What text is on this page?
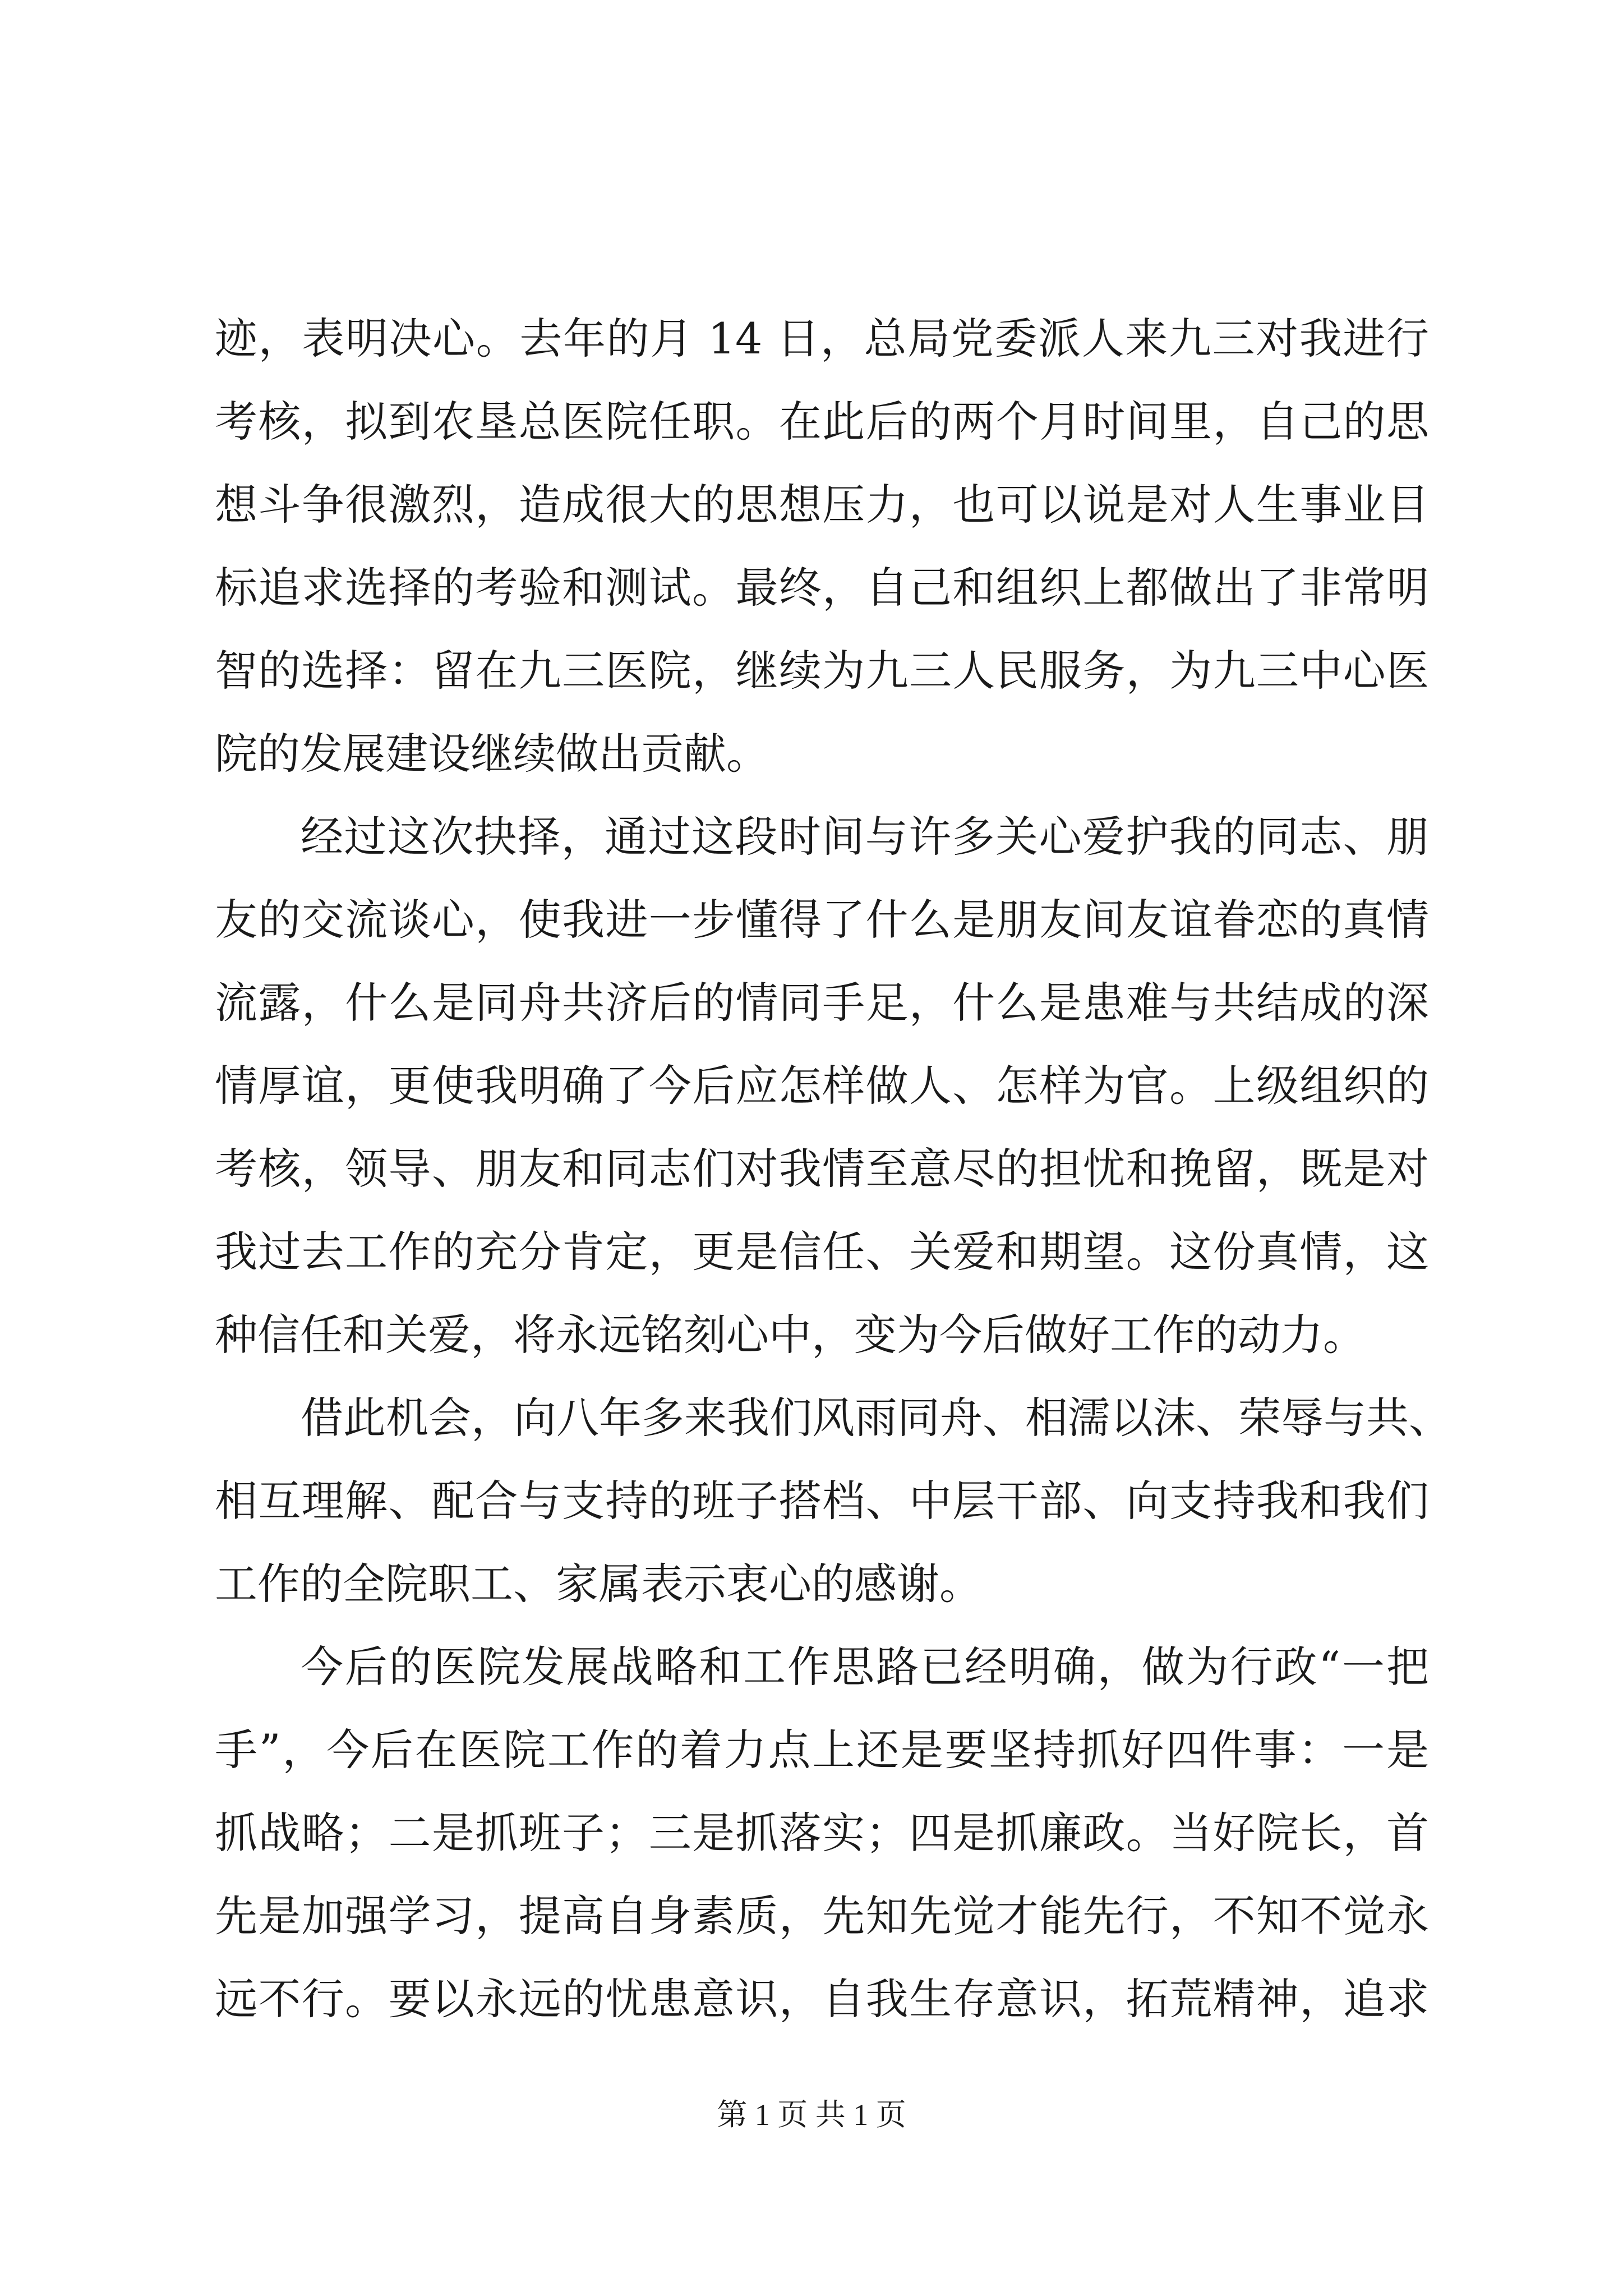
迹，表明决心。去年的月 14 日，总局党委派人来九三对我进行
考核，拟到农垦总医院任职。在此后的两个月时间里，自己的思
想斗争很激烈，造成很大的思想压力，也可以说是对人生事业目
标追求选择的考验和测试。最终，自己和组织上都做出了非常明
智的选择：留在九三医院，继续为九三人民服务，为九三中心医
院的发展建设继续做出贡献。
经过这次抉择，通过这段时间与许多关心爱护我的同志、朋
友的交流谈心，使我进一步懂得了什么是朋友间友谊眷恋的真情
流露，什么是同舟共济后的情同手足，什么是患难与共结成的深
情厚谊，更使我明确了今后应怎样做人、怎样为官。上级组织的
考核，领导、朋友和同志们对我情至意尽的担忧和挽留，既是对
我过去工作的充分肯定，更是信任、关爱和期望。这份真情，这
种信任和关爱，将永远铭刻心中，变为今后做好工作的动力。
借此机会，向八年多来我们风雨同舟、相濡以沫、荣辱与共、
相互理解、配合与支持的班子搭档、中层干部、向支持我和我们
工作的全院职工、家属表示衷心的感谢。
今后的医院发展战略和工作思路已经明确，做为行政“一把
手”，今后在医院工作的着力点上还是要坚持抓好四件事：一是
抓战略；二是抓班子；三是抓落实；四是抓廉政。当好院长，首
先是加强学习，提高自身素质，先知先觉才能先行，不知不觉永
远不行。要以永远的忧患意识，自我生存意识，拓荒精神，追求
第 1 页 共 1 页
